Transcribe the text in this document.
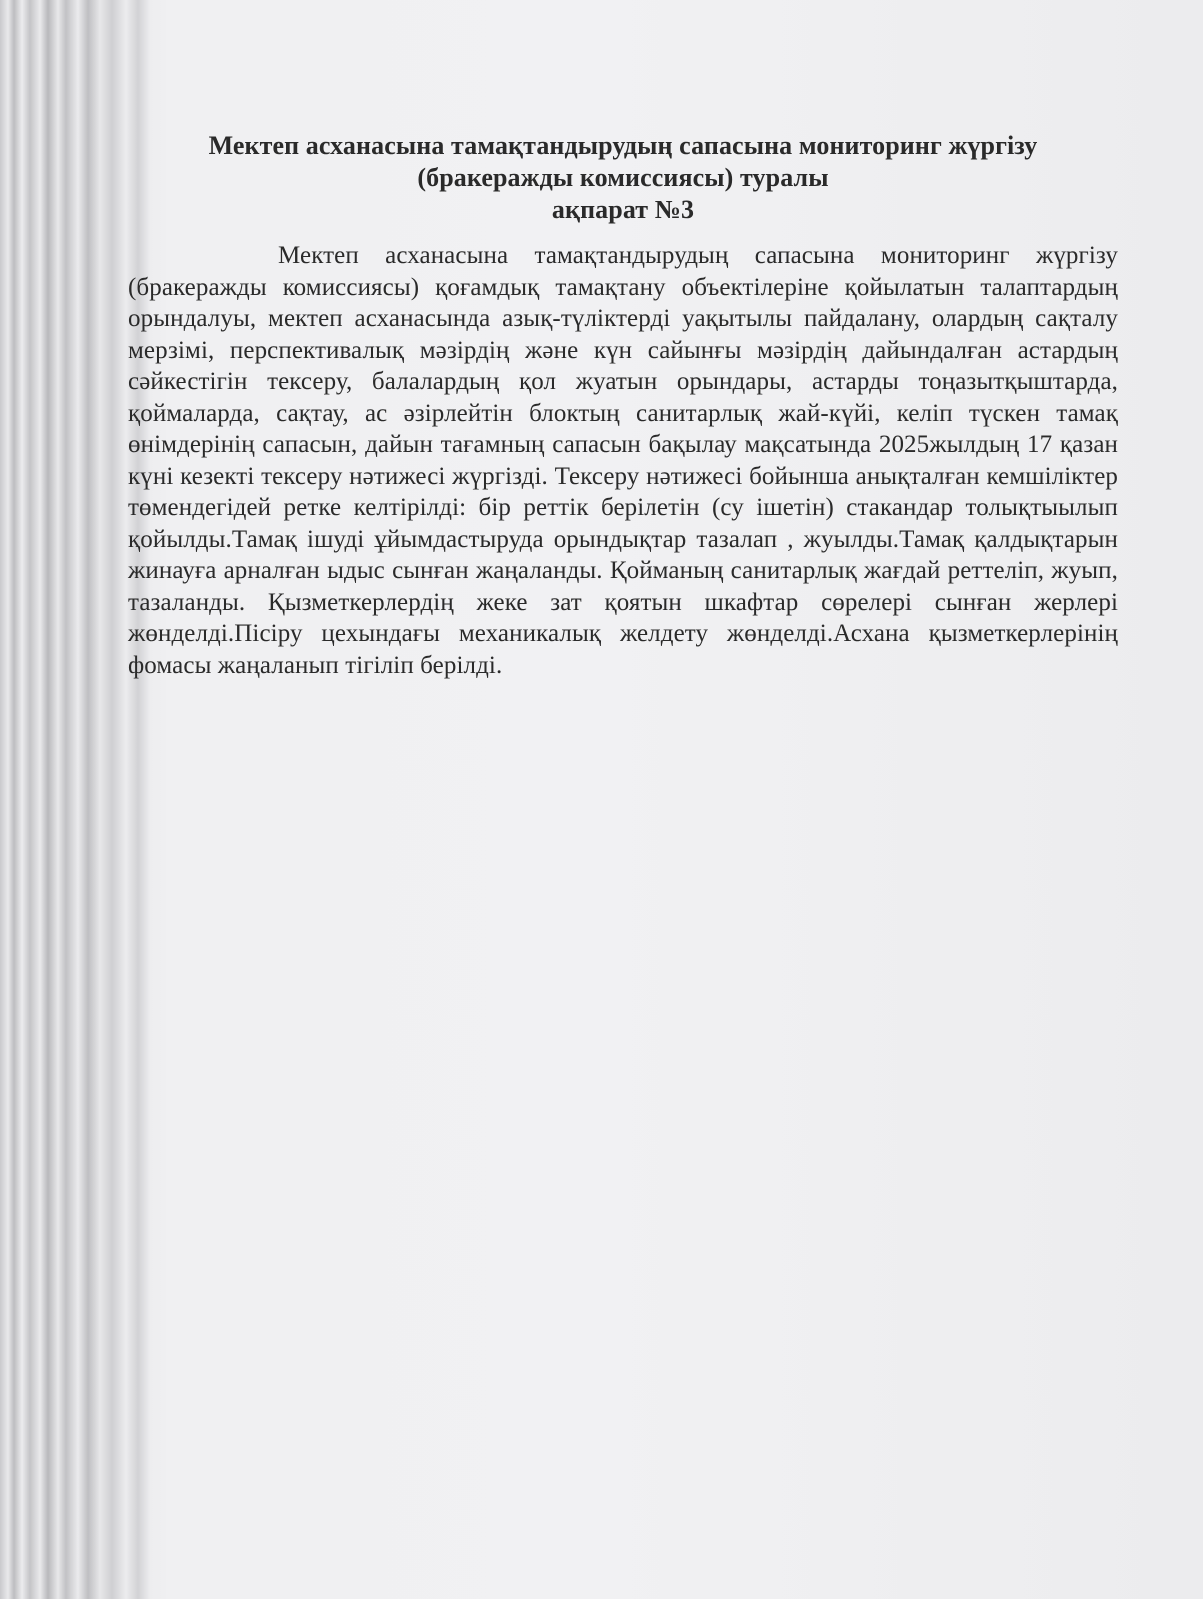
Мектеп асханасына тамақтандырудың сапасына мониторинг жүргізу
(бракеражды комиссиясы) туралы
ақпарат №3

Мектеп асханасына тамақтандырудың сапасына мониторинг жүргізу (бракеражды комиссиясы) қоғамдық тамақтану объектілеріне қойылатын талаптардың орындалуы, мектеп асханасында азық-түліктерді уақытылы пайдалану, олардың сақталу мерзімі, перспективалық мәзірдің және күн сайынғы мәзірдің дайындалған астардың сәйкестігін тексеру, балалардың қол жуатын орындары, астарды тоңазытқыштарда, қоймаларда, сақтау, ас әзірлейтін блоктың санитарлық жай-күйі, келіп түскен тамақ өнімдерінің сапасын, дайын тағамның сапасын бақылау мақсатында 2025жылдың 17 қазан күні кезекті тексеру нәтижесі жүргізді. Тексеру нәтижесі бойынша анықталған кемшіліктер төмендегідей ретке келтірілді: бір реттік берілетін (су ішетін) стакандар толықтыылып қойылды.Тамақ ішуді ұйымдастыруда орындықтар тазалап , жуылды.Тамақ қалдықтарын жинауға арналған ыдыс сынған жаңаланды. Қойманың санитарлық жағдай реттеліп, жуып, тазаланды. Қызметкерлердің жеке зат қоятын шкафтар сөрелері сынған жерлері жөнделді.Пісіру цехындағы механикалық желдету жөнделді.Асхана қызметкерлерінің фомасы жаңаланып тігіліп берілді.
